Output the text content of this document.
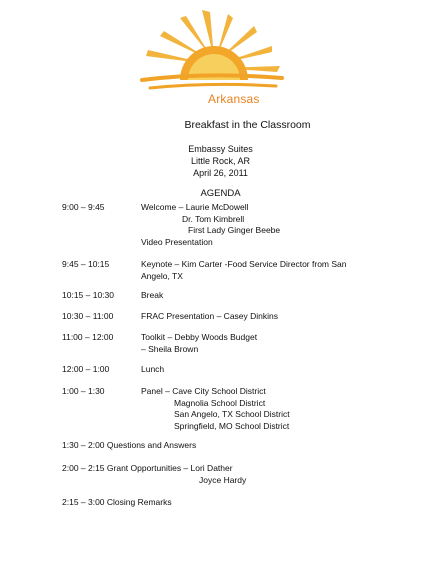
Arkansas
Breakfast in the Classroom
Embassy Suites
Little Rock, AR
April 26, 2011
AGENDA
9:00 – 9:45	Welcome – Laurie McDowell
Dr. Tom Kimbrell
First Lady Ginger Beebe
Video Presentation
9:45 – 10:15	Keynote – Kim Carter -Food Service Director from San
Angelo, TX
10:15 – 10:30	Break
10:30 – 11:00	FRAC Presentation – Casey Dinkins
11:00 – 12:00	Toolkit – Debby Woods Budget
– Sheila Brown
12:00 – 1:00	Lunch
1:00 – 1:30	Panel – Cave City School District
Magnolia School District
San Angelo, TX School District
Springfield, MO School District
1:30 – 2:00 Questions and Answers
2:00 – 2:15 Grant Opportunities – Lori Dather
Joyce Hardy
2:15 – 3:00 Closing Remarks
